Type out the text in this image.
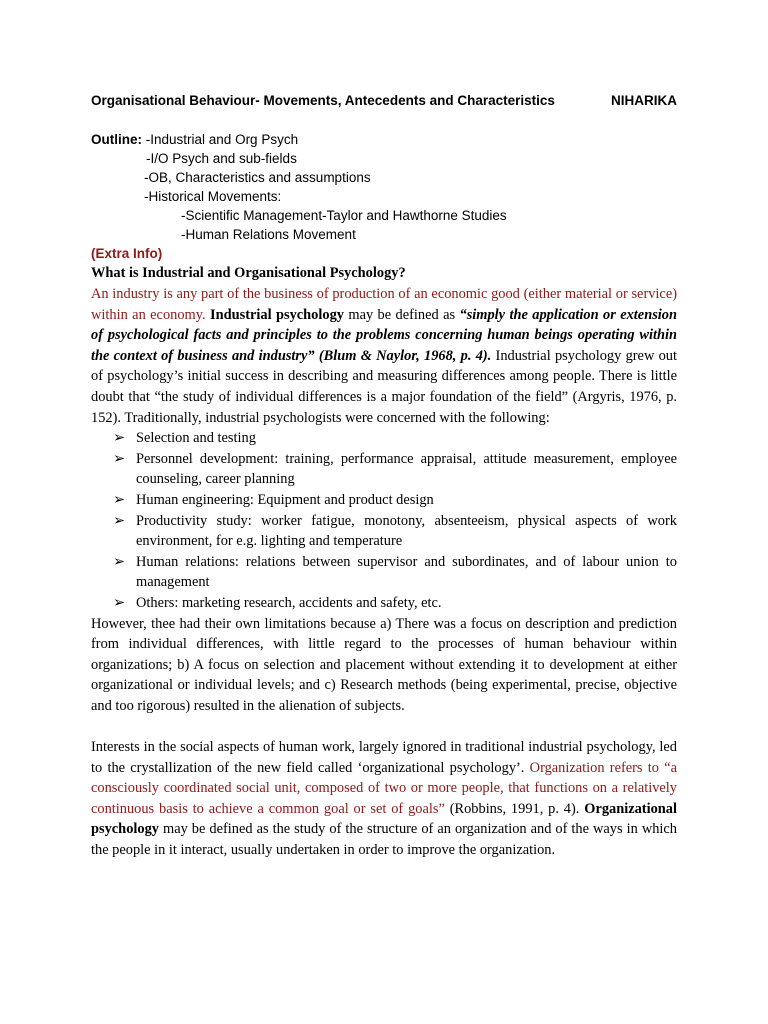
Organisational Behaviour- Movements, Antecedents and Characteristics	NIHARIKA
Outline: -Industrial and Org Psych
-I/O Psych and sub-fields
-OB, Characteristics and assumptions
-Historical Movements:
-Scientific Management-Taylor and Hawthorne Studies
-Human Relations Movement
(Extra Info)

What is Industrial and Organisational Psychology?

An industry is any part of the business of production of an economic good (either material or service) within an economy. Industrial psychology may be defined as “simply the application or extension of psychological facts and principles to the problems concerning human beings operating within the context of business and industry” (Blum & Naylor, 1968, p. 4). Industrial psychology grew out of psychology’s initial success in describing and measuring differences among people. There is little doubt that “the study of individual differences is a major foundation of the field” (Argyris, 1976, p. 152). Traditionally, industrial psychologists were concerned with the following:

➢ Selection and testing
➢ Personnel development: training, performance appraisal, attitude measurement, employee counseling, career planning
➢ Human engineering: Equipment and product design
➢ Productivity study: worker fatigue, monotony, absenteeism, physical aspects of work environment, for e.g. lighting and temperature
➢ Human relations: relations between supervisor and subordinates, and of labour union to management
➢ Others: marketing research, accidents and safety, etc.

However, thee had their own limitations because a) There was a focus on description and prediction from individual differences, with little regard to the processes of human behaviour within organizations; b) A focus on selection and placement without extending it to development at either organizational or individual levels; and c) Research methods (being experimental, precise, objective and too rigorous) resulted in the alienation of subjects.

Interests in the social aspects of human work, largely ignored in traditional industrial psychology, led to the crystallization of the new field called ‘organizational psychology’. Organization refers to “a consciously coordinated social unit, composed of two or more people, that functions on a relatively continuous basis to achieve a common goal or set of goals” (Robbins, 1991, p. 4). Organizational psychology may be defined as the study of the structure of an organization and of the ways in which the people in it interact, usually undertaken in order to improve the organization.
